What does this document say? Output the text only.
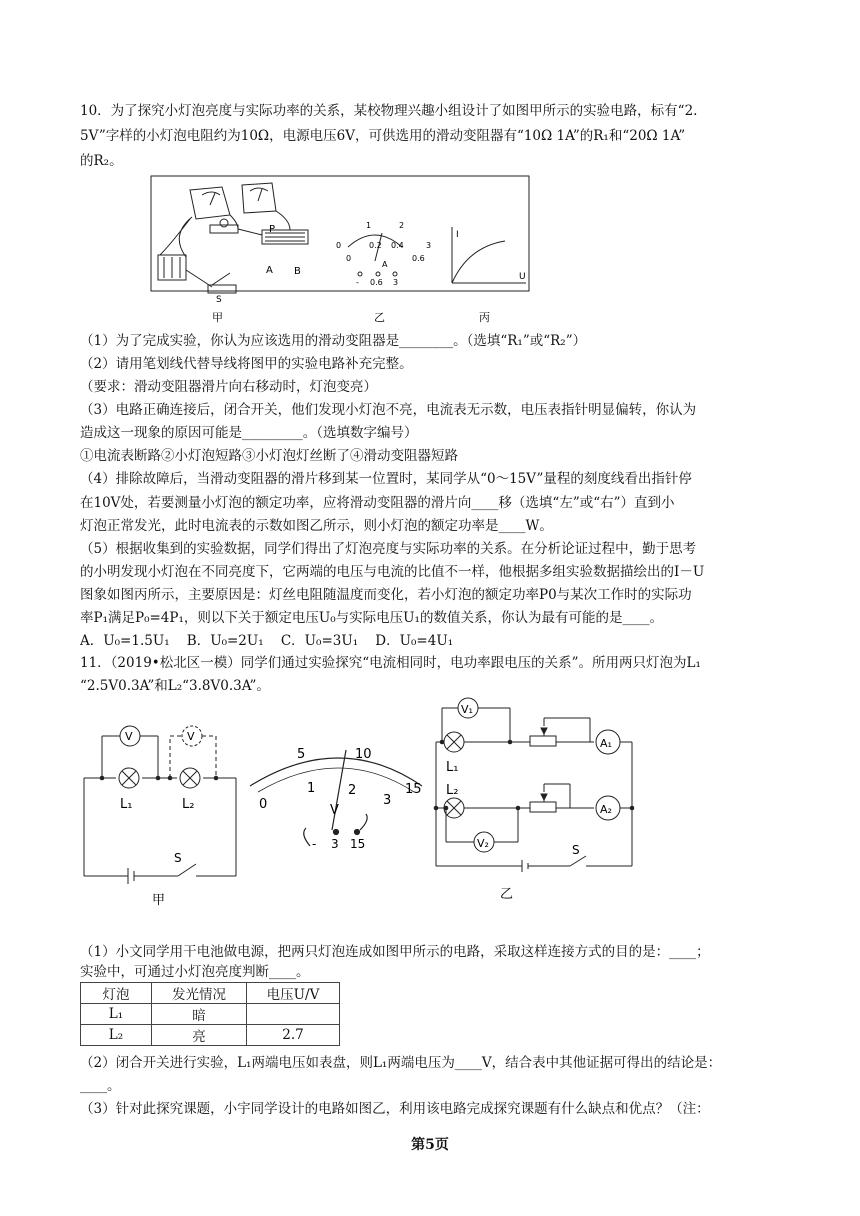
10．为了探究小灯泡亮度与实际功率的关系，某校物理兴趣小组设计了如图甲所示的实验电路，标有“2.
5V”字样的小灯泡电阻约为10Ω，电源电压6V，可供选用的滑动变阻器有“10Ω 1A”的R₁和“20Ω 1A”
的R₂。
P
A B
S
甲
0
1	2
3
0.2 0.4
0	0.6
A
- 0.6 3
乙
I
U
丙
（1）为了完成实验，你认为应该选用的滑动变阻器是________。（选填“R₁”或“R₂”）
（2）请用笔划线代替导线将图甲的实验电路补充完整。
（要求：滑动变阻器滑片向右移动时，灯泡变亮）
（3）电路正确连接后，闭合开关，他们发现小灯泡不亮，电流表无示数，电压表指针明显偏转，你认为
造成这一现象的原因可能是_________。（选填数字编号）
①电流表断路②小灯泡短路③小灯泡灯丝断了④滑动变阻器短路
（4）排除故障后，当滑动变阻器的滑片移到某一位置时，某同学从“0～15V”量程的刻度线看出指针停
在10V处，若要测量小灯泡的额定功率，应将滑动变阻器的滑片向____移（选填“左”或“右”）直到小
灯泡正常发光，此时电流表的示数如图乙所示，则小灯泡的额定功率是____W。
（5）根据收集到的实验数据，同学们得出了灯泡亮度与实际功率的关系。在分析论证过程中，勤于思考
的小明发现小灯泡在不同亮度下，它两端的电压与电流的比值不一样，他根据多组实验数据描绘出的I－U
图象如图丙所示，主要原因是：灯丝电阻随温度而变化，若小灯泡的额定功率P0与某次工作时的实际功
率P₁满足P₀=4P₁，则以下关于额定电压U₀与实际电压U₁的数值关系，你认为最有可能的是____。
A．U₀=1.5U₁    B．U₀=2U₁    C．U₀=3U₁    D．U₀=4U₁
11．（2019•松北区一模）同学们通过实验探究“电流相同时，电功率跟电压的关系”。所用两只灯泡为L₁
“2.5V0.3A”和L₂“3.8V0.3A”。
V	V
L₁	L₂
S
甲
5	10
15
0
1	2
3
V
- 3 15
V₁
A₁
V₂
A₂
L₁
L₂
S
乙
（1）小文同学用干电池做电源，把两只灯泡连成如图甲所示的电路，采取这样连接方式的目的是：____；
实验中，可通过小灯泡亮度判断____。
灯泡	发光情况	电压U/V
L₁	暗	
L₂	亮	2.7
（2）闭合开关进行实验，L₁两端电压如表盘，则L₁两端电压为____V，结合表中其他证据可得出的结论是：
____。
（3）针对此探究课题，小宇同学设计的电路如图乙，利用该电路完成探究课题有什么缺点和优点？（注：
第5页
